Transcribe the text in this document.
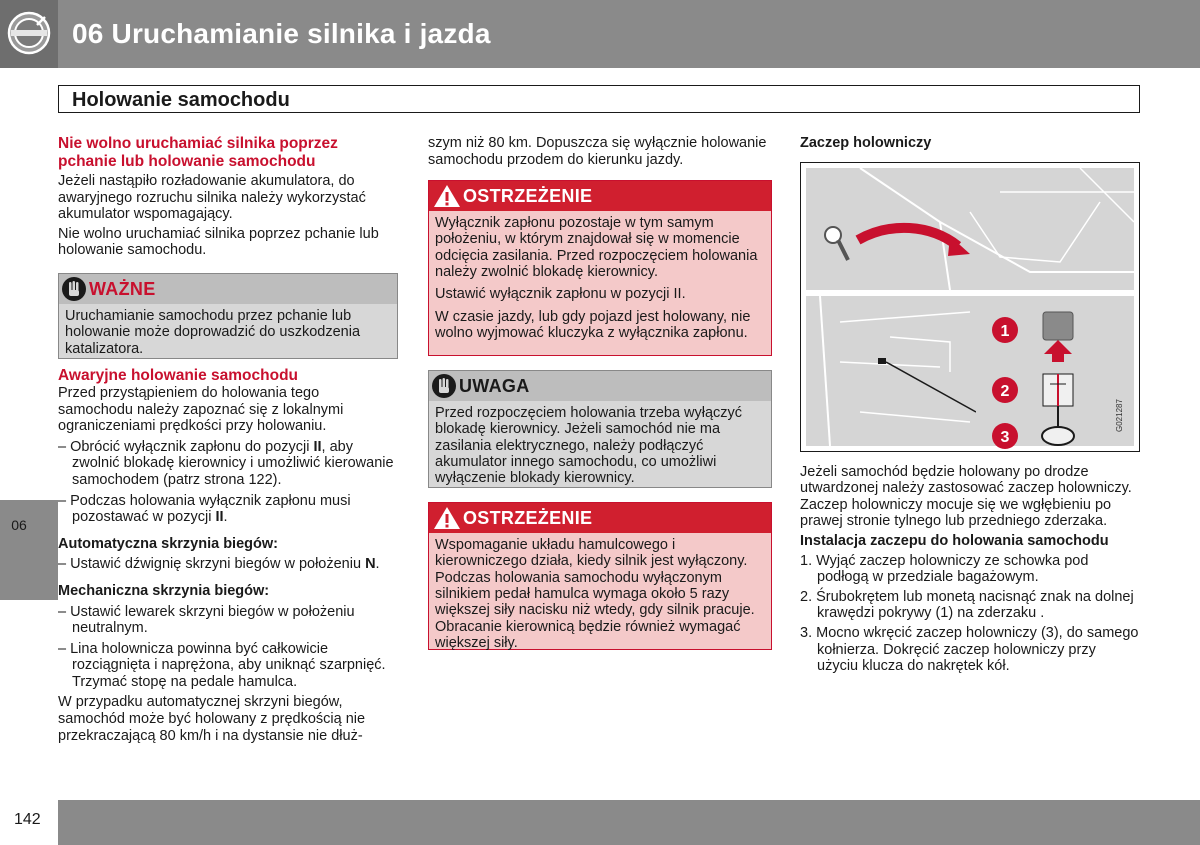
06 Uruchamianie silnika i jazda
06
Holowanie samochodu

Nie wolno uruchamiać silnika poprzez pchanie lub holowanie samochodu

Jeżeli nastąpiło rozładowanie akumulatora, do awaryjnego rozruchu silnika należy wykorzystać akumulator wspomagający.

Nie wolno uruchamiać silnika poprzez pchanie lub holowanie samochodu.

WAŻNE

Uruchamianie samochodu przez pchanie lub holowanie może doprowadzić do uszkodzenia katalizatora.

Awaryjne holowanie samochodu

Przed przystąpieniem do holowania tego samochodu należy zapoznać się z lokalnymi ograniczeniami prędkości przy holowaniu.

– Obrócić wyłącznik zapłonu do pozycji II, aby zwolnić blokadę kierownicy i umożliwić kierowanie samochodem (patrz strona 122).

– Podczas holowania wyłącznik zapłonu musi pozostawać w pozycji II.

Automatyczna skrzynia biegów:

– Ustawić dźwignię skrzyni biegów w położeniu N.

Mechaniczna skrzynia biegów:

– Ustawić lewarek skrzyni biegów w położeniu neutralnym.

– Lina holownicza powinna być całkowicie rozciągnięta i naprężona, aby uniknąć szarpnięć. Trzymać stopę na pedale hamulca.

W przypadku automatycznej skrzyni biegów, samochód może być holowany z prędkością nie przekraczającą 80 km/h i na dystansie nie dłuż-

szym niż 80 km. Dopuszcza się wyłącznie holowanie samochodu przodem do kierunku jazdy.

OSTRZEŻENIE

Wyłącznik zapłonu pozostaje w tym samym położeniu, w którym znajdował się w momencie odcięcia zasilania. Przed rozpoczęciem holowania należy zwolnić blokadę kierownicy.

Ustawić wyłącznik zapłonu w pozycji II.

W czasie jazdy, lub gdy pojazd jest holowany, nie wolno wyjmować kluczyka z wyłącznika zapłonu.

UWAGA

Przed rozpoczęciem holowania trzeba wyłączyć blokadę kierownicy. Jeżeli samochód nie ma zasilania elektrycznego, należy podłączyć akumulator innego samochodu, co umożliwi wyłączenie blokady kierownicy.

OSTRZEŻENIE

Wspomaganie układu hamulcowego i kierowniczego działa, kiedy silnik jest wyłączony. Podczas holowania samochodu wyłączonym silnikiem pedał hamulca wymaga około 5 razy większej siły nacisku niż wtedy, gdy silnik pracuje. Obracanie kierownicą będzie również wymagać większej siły.

Zaczep holowniczy

1
2
3
G021287

Jeżeli samochód będzie holowany po drodze utwardzonej należy zastosować zaczep holowniczy. Zaczep holowniczy mocuje się we wgłębieniu po prawej stronie tylnego lub przedniego zderzaka.

Instalacja zaczepu do holowania samochodu

1. Wyjąć zaczep holowniczy ze schowka pod podłogą w przedziale bagażowym.

2. Śrubokrętem lub monetą nacisnąć znak na dolnej krawędzi pokrywy (1) na zderzaku .

3. Mocno wkręcić zaczep holowniczy (3), do samego kołnierza. Dokręcić zaczep holowniczy przy użyciu klucza do nakrętek kół.

142
